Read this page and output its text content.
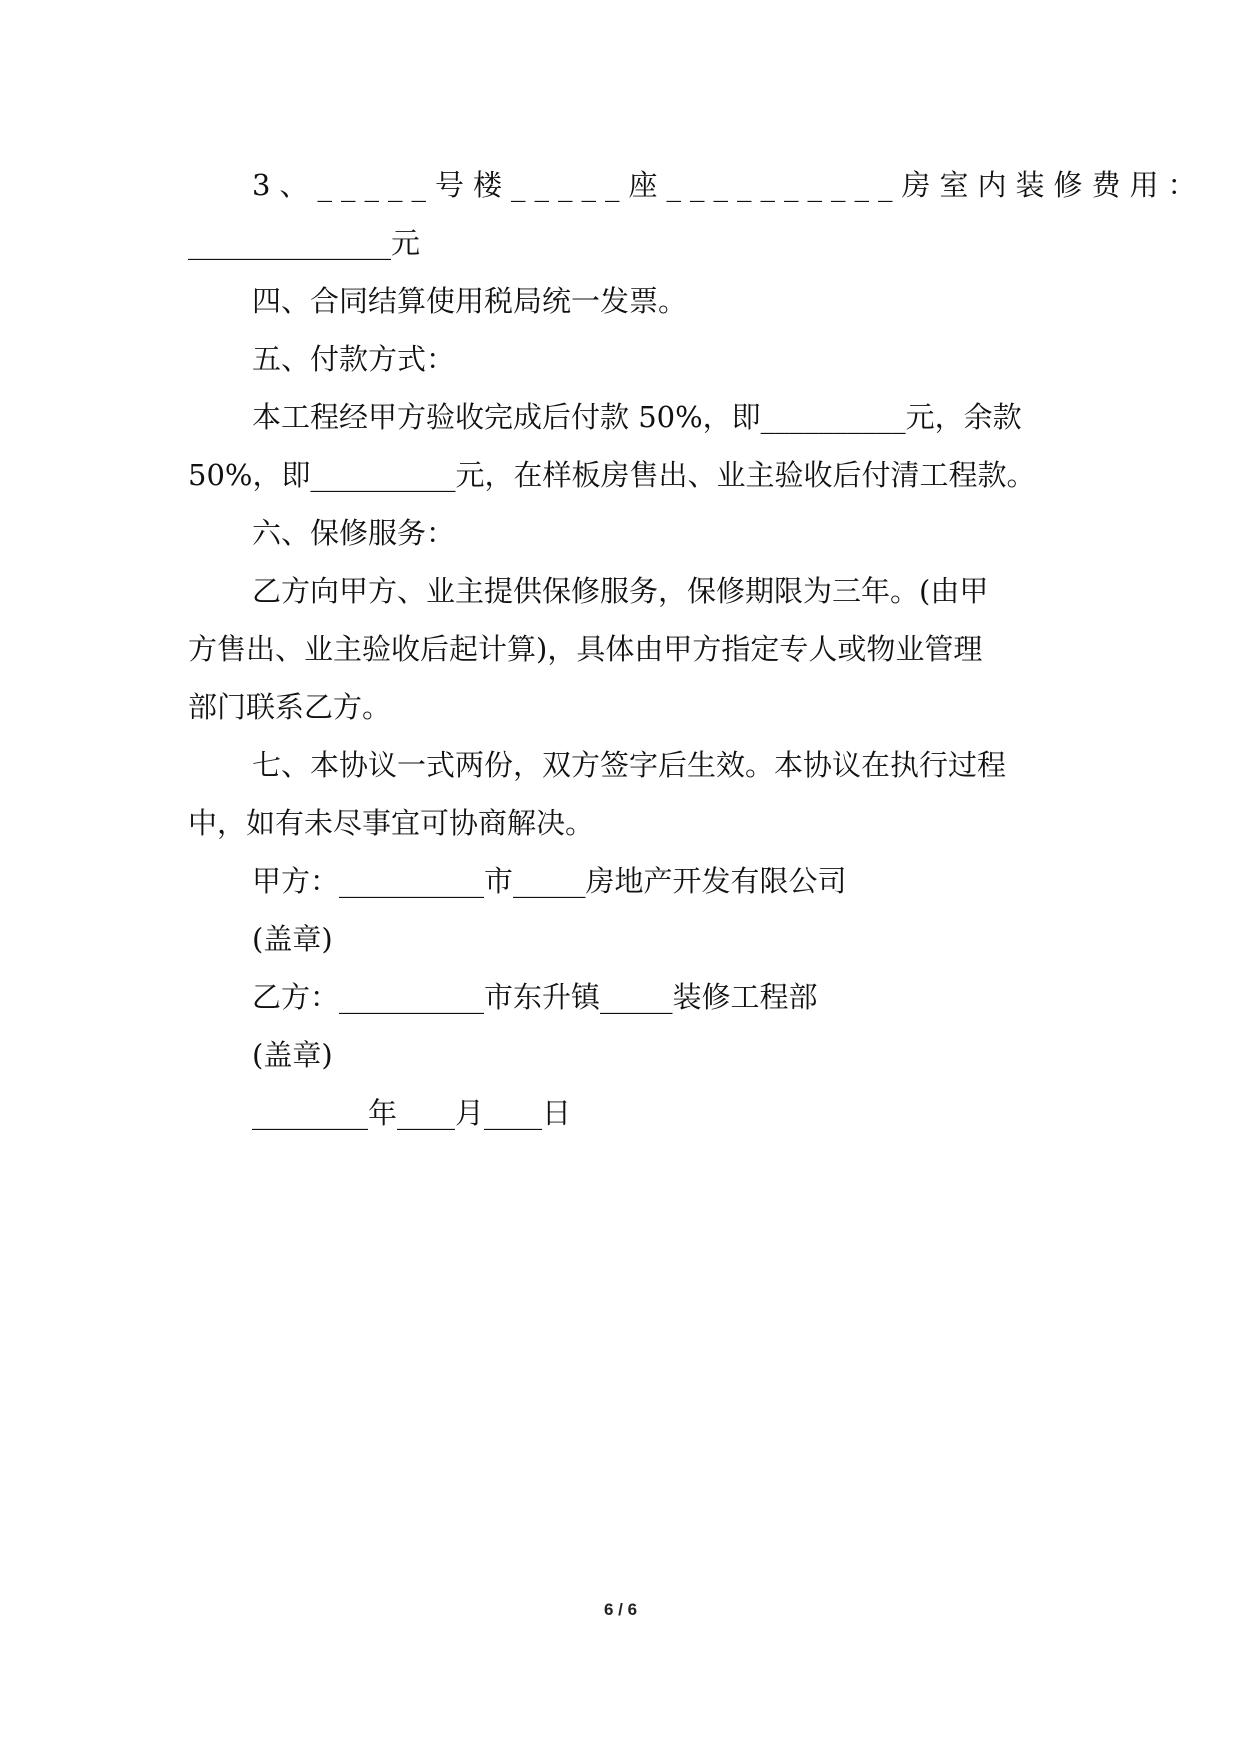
3、_____号楼_____座__________房室内装修费用：

______________元

四、合同结算使用税局统一发票。

五、付款方式：

本工程经甲方验收完成后付款 50%，即__________元，余款

50%，即__________元，在样板房售出、业主验收后付清工程款。

六、保修服务：

乙方向甲方、业主提供保修服务，保修期限为三年。(由甲

方售出、业主验收后起计算)，具体由甲方指定专人或物业管理

部门联系乙方。

七、本协议一式两份，双方签字后生效。本协议在执行过程

中，如有未尽事宜可协商解决。

甲方：__________市_____房地产开发有限公司

(盖章)

乙方：__________市东升镇_____装修工程部

(盖章)

________年____月____日

6 / 6
